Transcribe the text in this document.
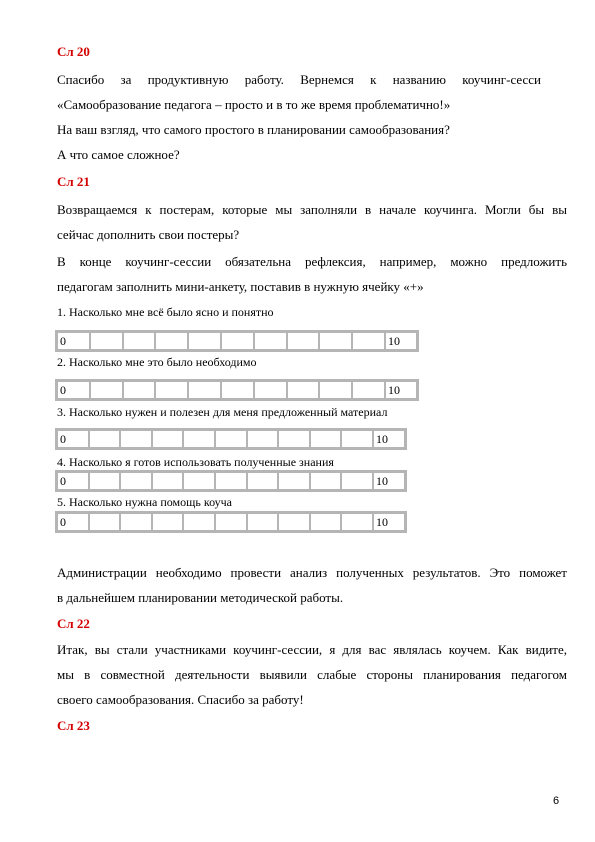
Сл 20
Спасибо за продуктивную работу. Вернемся к названию коучинг-сесси
«Самообразование педагога – просто и в то же время проблематично!»
На ваш взгляд, что самого простого в планировании самообразования?
А что самое сложное?
Сл 21
Возвращаемся к постерам, которые мы заполняли в начале коучинга. Могли бы вы
сейчас дополнить свои постеры?
В конце коучинг-сессии обязательна рефлексия, например, можно предложить
педагогам заполнить мини-анкету, поставив в нужную ячейку «+»
1. Насколько мне всё было ясно и понятно
0	10
2. Насколько мне это было необходимо
0	10
3. Насколько нужен и полезен для меня предложенный материал
0	10
4. Насколько я готов использовать полученные знания
0	10
5. Насколько нужна помощь коуча
0	10
Администрации необходимо провести анализ полученных результатов. Это поможет
в дальнейшем планировании методической работы.
Сл 22
Итак, вы стали участниками коучинг-сессии, я для вас являлась коучем. Как видите,
мы в совместной деятельности выявили слабые стороны планирования педагогом
своего самообразования. Спасибо за работу!
Сл 23
6
